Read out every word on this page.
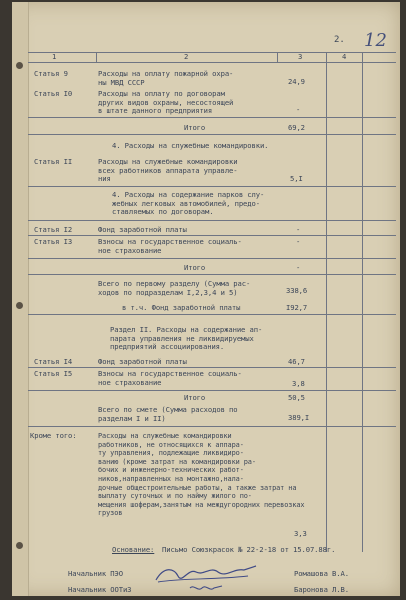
2. 12
1	2	3	4
Статья 9	Расходы на оплату пожарной охра-
ны МВД СССР	24,9
Статья I0	Расходы на оплату по договорам
других видов охраны, несостоящей
в штате данного предприятия	-
Итого	69,2
4. Расходы на служебные командировки.
Статья II	Расходы на служебные командировки
всех работников аппарата управле-
ния	5,I
4. Расходы на содержание парков слу-
жебных легковых автомобилей, предо-
ставляемых по договорам.
Статья I2	Фонд заработной платы	-
Статья I3	Взносы на государственное социаль-
ное страхование
-
Итого	-
Всего по первому разделу (Сумма рас-
ходов по подразделам I,2,3,4 и 5)	338,6
в т.ч. Фонд заработной платы	I92,7
Раздел II. Расходы на содержание ап-
парата управления не ликвидируемых
предприятий ассоциирования.
Статья I4	Фонд заработной платы	46,7
Статья I5	Взносы на государственное социаль-
ное страхование	3,8
Итого	50,5
Всего по смете (Сумма расходов по
разделам I и II)	389,I
Кроме того:	Расходы на служебные командировки
работников, не относящихся к аппара-
ту управления, подлежащие ликвидиро-
ванию (кроме затрат на командировки ра-
бочих и инженерно-технических работ-
ников,направленных на монтажно,нала-
дочные общестроительные работы, а также затрат на
выплату суточных и по найму жилого по-
мещения шоферам,занятым на междугородних перевозках
грузов
3,3
Основание: Письмо Союзкрасок № 22-2-18 от 15.07.88г.
Начальник ПЭО	Ромашова В.А.
Начальник ООТиЗ	Баронова Л.В.
